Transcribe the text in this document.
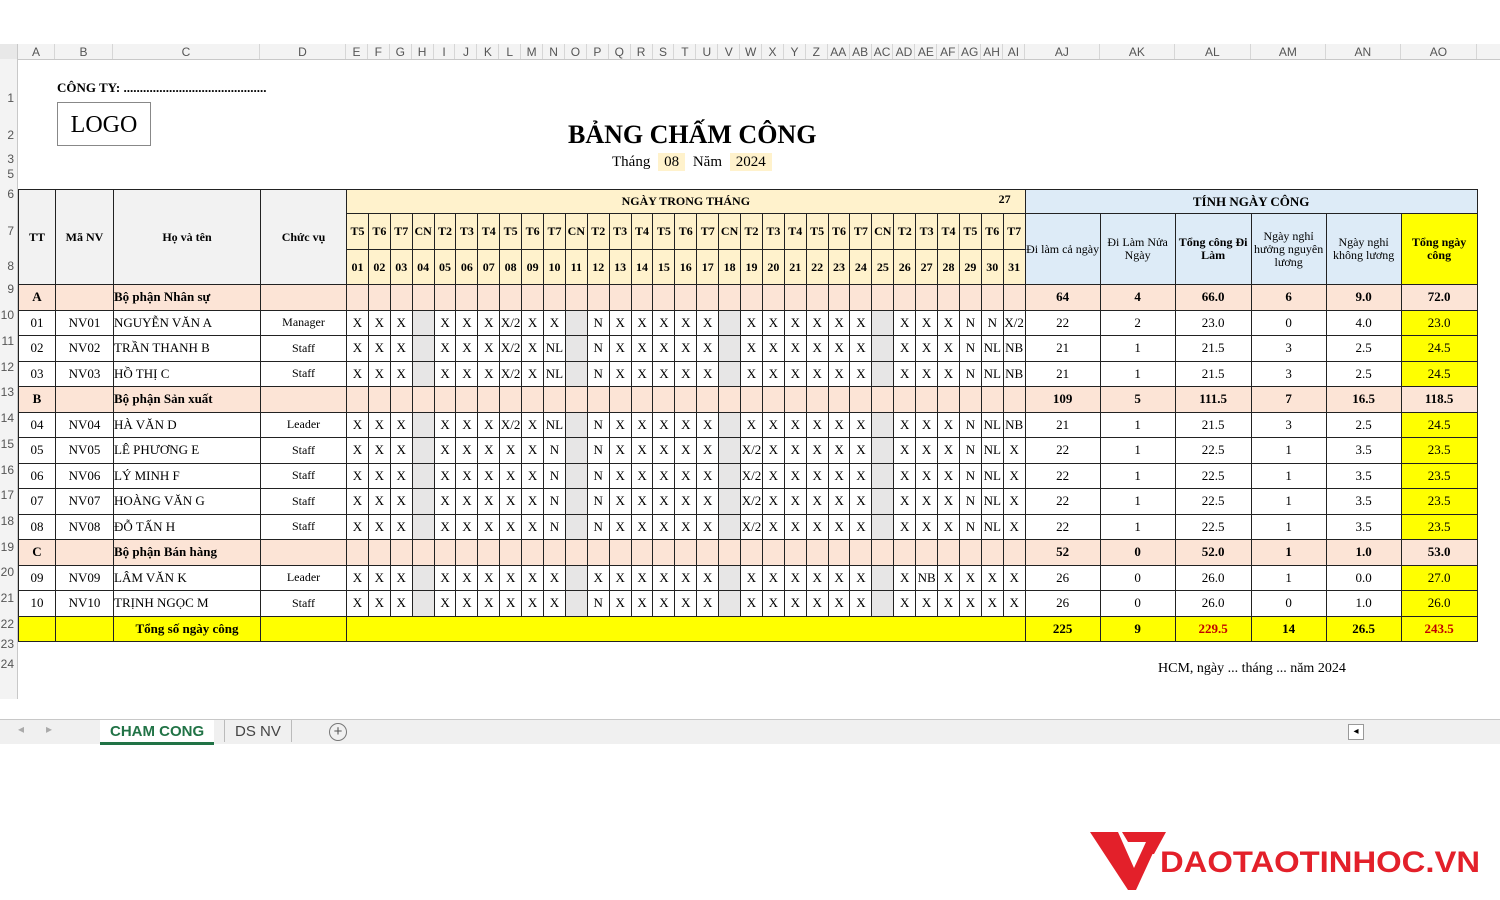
A	B	C	D	E	F	G	H	I	J	K	L	M	N	O	P	Q	R	S	T	U	V	W	X	Y	Z AA AB AC AD AE AF AG AH AI	AJ	AK	AL	AM	AN	AO
1
2
3
5
6
7
8
9
10
11
12
13
14
15
16
17
18
19
20
21
22
23
24
CÔNG TY: ............................................
LOGO	BẢNG CHẤM CÔNG
Tháng 08 Năm 2024
TT	Mã NV	Họ và tên	Chức vụ	NGÀY TRONG THÁNG 27																															TÍNH NGÀY CÔNG					
				T5	T6	T7	CN	T2	T3	T4	T5	T6	T7	CN	T2	T3	T4	T5	T6	T7	CN	T2	T3	T4	T5	T6	T7	CN	T2	T3	T4	T5	T6	T7	Đi làm cả ngày	Đi Làm Nửa Ngày	Tổng công Đi Làm	Ngày nghỉ hưởng nguyên lương	Ngày nghỉ không lương	Tổng ngày công
				01	02	03	04	05	06	07	08	09	10	11	12	13	14	15	16	17	18	19	20	21	22	23	24	25	26	27	28	29	30	31						
A		Bộ phận Nhân sự																																	64	4	66.0	6	9.0	72.0
01	NV01	NGUYỄN VĂN A	Manager	X	X	X		X	X	X	X/2	X	X		N	X	X	X	X	X		X	X	X	X	X	X		X	X	X	N	N	X/2	22	2	23.0	0	4.0	23.0
02	NV02	TRẦN THANH B	Staff	X	X	X		X	X	X	X/2	X	NL		N	X	X	X	X	X		X	X	X	X	X	X		X	X	X	N	NL	NB	21	1	21.5	3	2.5	24.5
03	NV03	HỒ THỊ C	Staff	X	X	X		X	X	X	X/2	X	NL		N	X	X	X	X	X		X	X	X	X	X	X		X	X	X	N	NL	NB	21	1	21.5	3	2.5	24.5
B		Bộ phận Sản xuất																																	109	5	111.5	7	16.5	118.5
04	NV04	HÀ VĂN D	Leader	X	X	X		X	X	X	X/2	X	NL		N	X	X	X	X	X		X	X	X	X	X	X		X	X	X	N	NL	NB	21	1	21.5	3	2.5	24.5
05	NV05	LÊ PHƯƠNG E	Staff	X	X	X		X	X	X	X	X	N		N	X	X	X	X	X		X/2	X	X	X	X	X		X	X	X	N	NL	X	22	1	22.5	1	3.5	23.5
06	NV06	LÝ MINH F	Staff	X	X	X		X	X	X	X	X	N		N	X	X	X	X	X		X/2	X	X	X	X	X		X	X	X	N	NL	X	22	1	22.5	1	3.5	23.5
07	NV07	HOÀNG VĂN G	Staff	X	X	X		X	X	X	X	X	N		N	X	X	X	X	X		X/2	X	X	X	X	X		X	X	X	N	NL	X	22	1	22.5	1	3.5	23.5
08	NV08	ĐỖ TẤN H	Staff	X	X	X		X	X	X	X	X	N		N	X	X	X	X	X		X/2	X	X	X	X	X		X	X	X	N	NL	X	22	1	22.5	1	3.5	23.5
C		Bộ phận Bán hàng																																	52	0	52.0	1	1.0	53.0
09	NV09	LÂM VĂN K	Leader	X	X	X		X	X	X	X	X	X		X	X	X	X	X	X		X	X	X	X	X	X		X	NB	X	X	X	X	26	0	26.0	1	0.0	27.0
10	NV10	TRỊNH NGỌC M	Staff	X	X	X		X	X	X	X	X	X		N	X	X	X	X	X		X	X	X	X	X	X		X	X	X	X	X	X	26	0	26.0	0	1.0	26.0
		Tổng số ngày công																																	225	9	229.5	14	26.5	243.5
HCM, ngày ... tháng ... năm 2024
◂ ▸	CHAM CONG	DS NV	+	◂
DAOTAOTINHOC.VN
